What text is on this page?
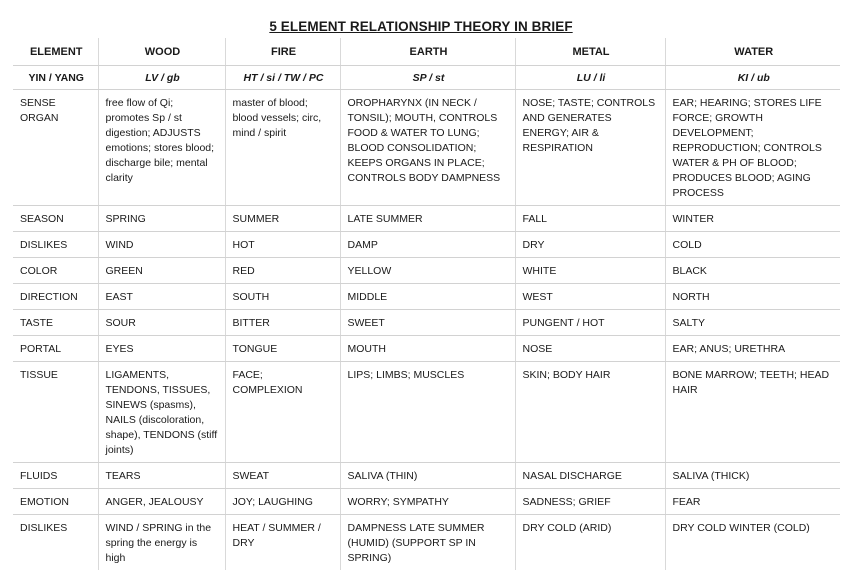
5 ELEMENT RELATIONSHIP THEORY IN BRIEF
ELEMENT	WOOD	FIRE	EARTH	METAL	WATER
YIN / YANG	LV / gb	HT / si / TW / PC	SP / st	LU / li	KI / ub
SENSE ORGAN	free flow of Qi; promotes Sp / st digestion; ADJUSTS emotions; stores blood; discharge bile; mental clarity	master of blood; blood vessels; circ, mind / spirit	OROPHARYNX (IN NECK / TONSIL); MOUTH, CONTROLS FOOD & WATER TO LUNG; BLOOD CONSOLIDATION; KEEPS ORGANS IN PLACE; CONTROLS BODY DAMPNESS	NOSE; TASTE; CONTROLS AND GENERATES ENERGY; AIR & RESPIRATION	EAR; HEARING; STORES LIFE FORCE; GROWTH DEVELOPMENT; REPRODUCTION; CONTROLS WATER & PH OF BLOOD; PRODUCES BLOOD; AGING PROCESS
SEASON	SPRING	SUMMER	LATE SUMMER	FALL	WINTER
DISLIKES	WIND	HOT	DAMP	DRY	COLD
COLOR	GREEN	RED	YELLOW	WHITE	BLACK
DIRECTION	EAST	SOUTH	MIDDLE	WEST	NORTH
TASTE	SOUR	BITTER	SWEET	PUNGENT / HOT	SALTY
PORTAL	EYES	TONGUE	MOUTH	NOSE	EAR; ANUS; URETHRA
TISSUE	LIGAMENTS, TENDONS, TISSUES, SINEWS (spasms), NAILS (discoloration, shape), TENDONS (stiff joints)	FACE; COMPLEXION	LIPS; LIMBS; MUSCLES	SKIN; BODY HAIR	BONE MARROW; TEETH; HEAD HAIR
FLUIDS	TEARS	SWEAT	SALIVA (THIN)	NASAL DISCHARGE	SALIVA (THICK)
EMOTION	ANGER, JEALOUSY	JOY; LAUGHING	WORRY; SYMPATHY	SADNESS; GRIEF	FEAR
DISLIKES	WIND / SPRING in the spring the energy is high	HEAT / SUMMER / DRY	DAMPNESS LATE SUMMER (HUMID) (SUPPORT SP IN SPRING)	DRY COLD (ARID)	DRY COLD WINTER (COLD)
